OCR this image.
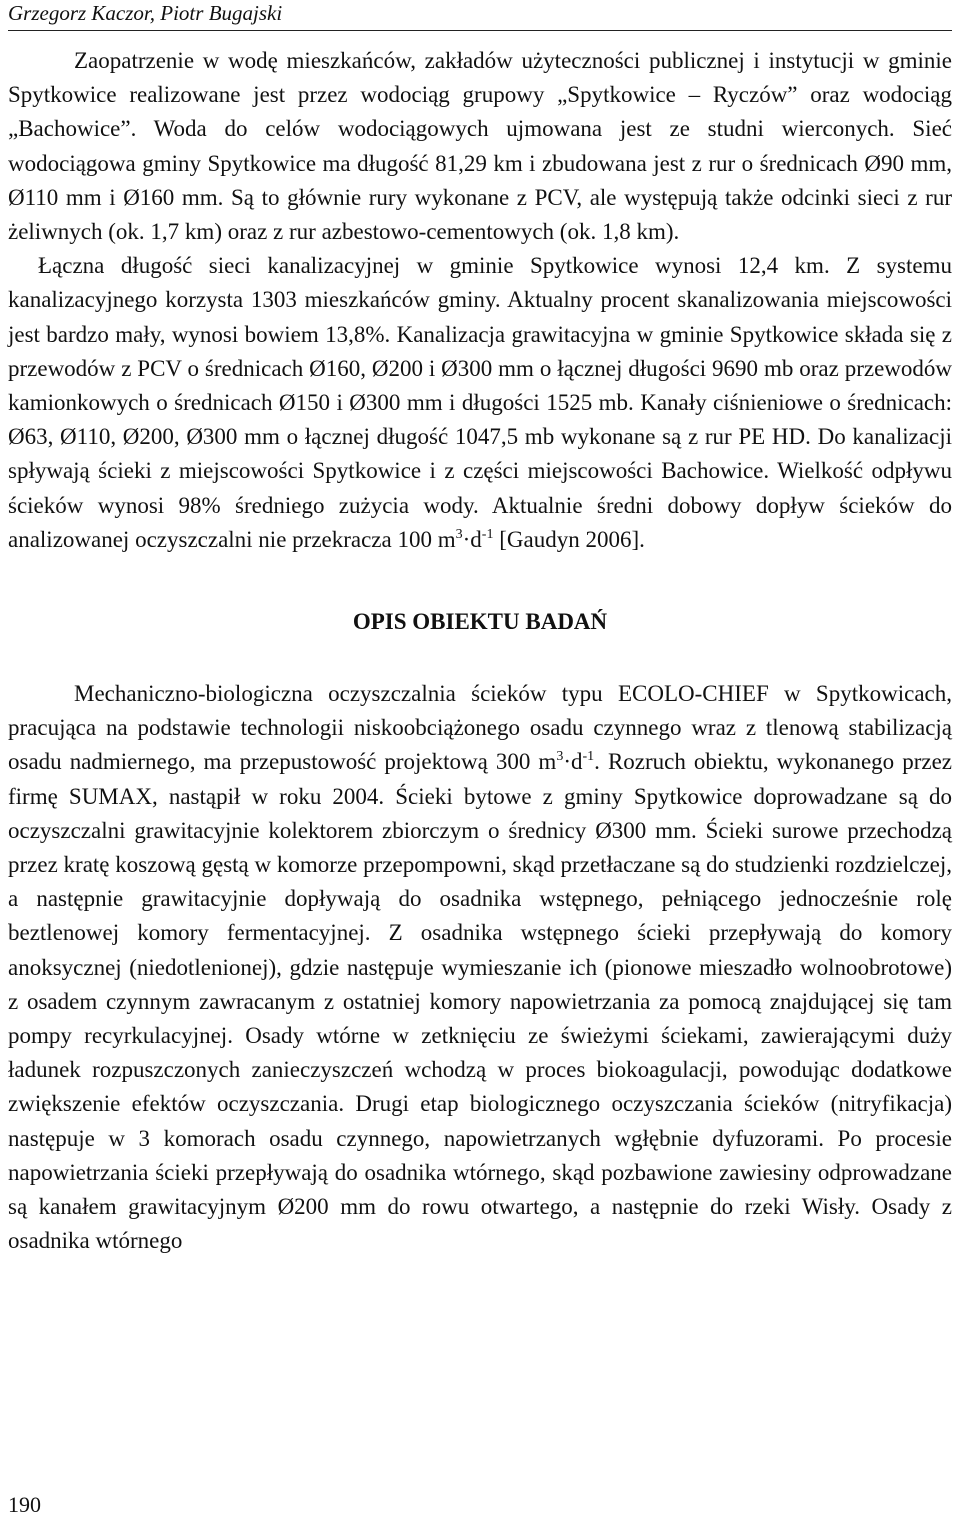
Grzegorz Kaczor, Piotr Bugajski

Zaopatrzenie w wodę mieszkańców, zakładów użyteczności publicznej i instytucji w gminie Spytkowice realizowane jest przez wodociąg grupowy „Spytkowice – Ryczów” oraz wodociąg „Bachowice”. Woda do celów wodociągowych ujmowana jest ze studni wierconych. Sieć wodociągowa gminy Spytkowice ma długość 81,29 km i zbudowana jest z rur o średnicach Ø90 mm, Ø110 mm i Ø160 mm. Są to głównie rury wykonane z PCV, ale występują także odcinki sieci z rur żeliwnych (ok. 1,7 km) oraz z rur azbestowo-cementowych (ok. 1,8 km).

Łączna długość sieci kanalizacyjnej w gminie Spytkowice wynosi 12,4 km. Z systemu kanalizacyjnego korzysta 1303 mieszkańców gminy. Aktualny procent skanalizowania miejscowości jest bardzo mały, wynosi bowiem 13,8%. Kanalizacja grawitacyjna w gminie Spytkowice składa się z przewodów z PCV o średnicach Ø160, Ø200 i Ø300 mm o łącznej długości 9690 mb oraz przewodów kamionkowych o średnicach Ø150 i Ø300 mm i długości 1525 mb. Kanały ciśnieniowe o średnicach: Ø63, Ø110, Ø200, Ø300 mm o łącznej długość 1047,5 mb wykonane są z rur PE HD. Do kanalizacji spływają ścieki z miejscowości Spytkowice i z części miejscowości Bachowice. Wielkość odpływu ścieków wynosi 98% średniego zużycia wody. Aktualnie średni dobowy dopływ ścieków do analizowanej oczyszczalni nie przekracza 100 $m^3\cdot d^{-1}$ [Gaudyn 2006].

OPIS OBIEKTU BADAŃ

Mechaniczno-biologiczna oczyszczalnia ścieków typu ECOLO-CHIEF w Spytkowicach, pracująca na podstawie technologii niskoobciążonego osadu czynnego wraz z tlenową stabilizacją osadu nadmiernego, ma przepustowość projektową 300 $m^3\cdot d^{-1}$. Rozruch obiektu, wykonanego przez firmę SUMAX, nastąpił w roku 2004. Ścieki bytowe z gminy Spytkowice doprowadzane są do oczyszczalni grawitacyjnie kolektorem zbiorczym o średnicy Ø300 mm. Ścieki surowe przechodzą przez kratę koszową gęstą w komorze przepompowni, skąd przetłaczane są do studzienki rozdzielczej, a następnie grawitacyjnie dopływają do osadnika wstępnego, pełniącego jednocześnie rolę beztlenowej komory fermentacyjnej. Z osadnika wstępnego ścieki przepływają do komory anoksycznej (niedotlenionej), gdzie następuje wymieszanie ich (pionowe mieszadło wolnoobrotowe) z osadem czynnym zawracanym z ostatniej komory napowietrzania za pomocą znajdującej się tam pompy recyrkulacyjnej. Osady wtórne w zetknięciu ze świeżymi ściekami, zawierającymi duży ładunek rozpuszczonych zanieczyszczeń wchodzą w proces biokoagulacji, powodując dodatkowe zwiększenie efektów oczyszczania. Drugi etap biologicznego oczyszczania ścieków (nitryfikacja) następuje w 3 komorach osadu czynnego, napowietrzanych wgłębnie dyfuzorami. Po procesie napowietrzania ścieki przepływają do osadnika wtórnego, skąd pozbawione zawiesiny odprowadzane są kanałem grawitacyjnym Ø200 mm do rowu otwartego, a następnie do rzeki Wisły. Osady z osadnika wtórnego

190
